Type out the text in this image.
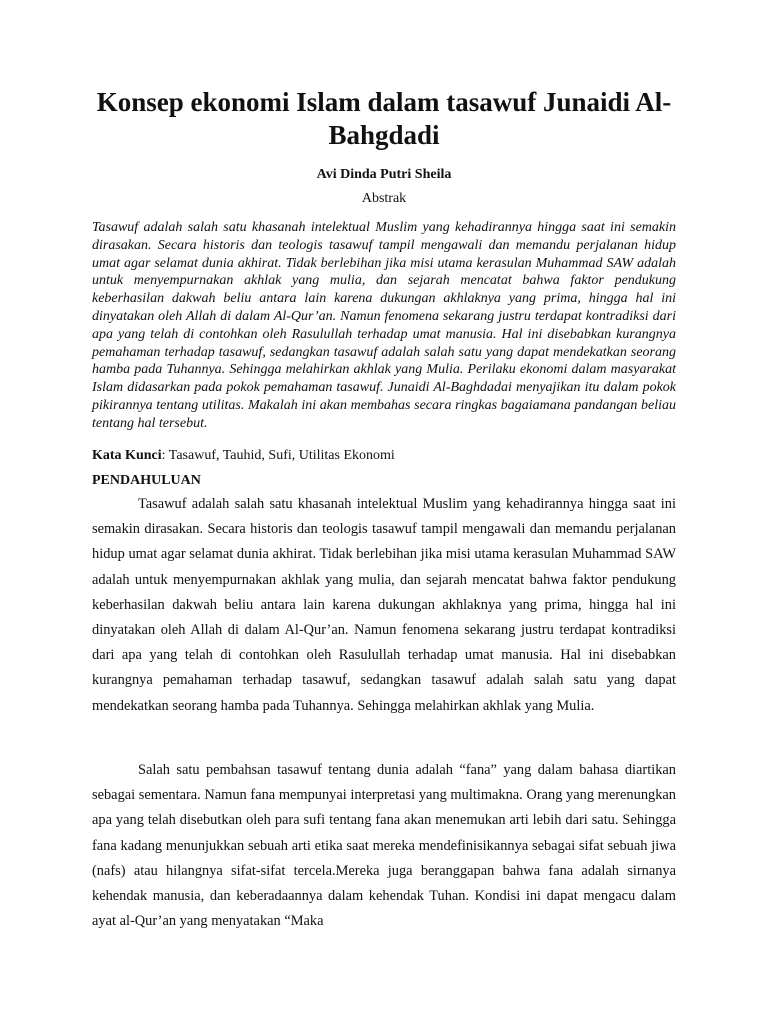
Konsep ekonomi Islam dalam tasawuf Junaidi Al-Bahgdadi
Avi Dinda Putri Sheila
Abstrak

Tasawuf adalah salah satu khasanah intelektual Muslim yang kehadirannya hingga saat ini semakin dirasakan. Secara historis dan teologis tasawuf tampil mengawali dan memandu perjalanan hidup umat agar selamat dunia akhirat. Tidak berlebihan jika misi utama kerasulan Muhammad SAW adalah untuk menyempurnakan akhlak yang mulia, dan sejarah mencatat bahwa faktor pendukung keberhasilan dakwah beliu antara lain karena dukungan akhlaknya yang prima, hingga hal ini dinyatakan oleh Allah di dalam Al-Qur’an. Namun fenomena sekarang justru terdapat kontradiksi dari apa yang telah di contohkan oleh Rasulullah terhadap umat manusia. Hal ini disebabkan kurangnya pemahaman terhadap tasawuf, sedangkan tasawuf adalah salah satu yang dapat mendekatkan seorang hamba pada Tuhannya. Sehingga melahirkan akhlak yang Mulia. Perilaku ekonomi dalam masyarakat Islam didasarkan pada pokok pemahaman tasawuf. Junaidi Al-Baghdadai menyajikan itu dalam pokok pikirannya tentang utilitas. Makalah ini akan membahas secara ringkas bagaiamana pandangan beliau tentang hal tersebut.

Kata Kunci: Tasawuf, Tauhid, Sufi, Utilitas Ekonomi
PENDAHULUAN

Tasawuf adalah salah satu khasanah intelektual Muslim yang kehadirannya hingga saat ini semakin dirasakan. Secara historis dan teologis tasawuf tampil mengawali dan memandu perjalanan hidup umat agar selamat dunia akhirat. Tidak berlebihan jika misi utama kerasulan Muhammad SAW adalah untuk menyempurnakan akhlak yang mulia, dan sejarah mencatat bahwa faktor pendukung keberhasilan dakwah beliu antara lain karena dukungan akhlaknya yang prima, hingga hal ini dinyatakan oleh Allah di dalam Al-Qur’an. Namun fenomena sekarang justru terdapat kontradiksi dari apa yang telah di contohkan oleh Rasulullah terhadap umat manusia. Hal ini disebabkan kurangnya pemahaman terhadap tasawuf, sedangkan tasawuf adalah salah satu yang dapat mendekatkan seorang hamba pada Tuhannya. Sehingga melahirkan akhlak yang Mulia.

Salah satu pembahsan tasawuf tentang dunia adalah “fana” yang dalam bahasa diartikan sebagai sementara. Namun fana mempunyai interpretasi yang multimakna. Orang yang merenungkan apa yang telah disebutkan oleh para sufi tentang fana akan menemukan arti lebih dari satu. Sehingga fana kadang menunjukkan sebuah arti etika saat mereka mendefinisikannya sebagai sifat sebuah jiwa (nafs) atau hilangnya sifat-sifat tercela.Mereka juga beranggapan bahwa fana adalah sirnanya kehendak manusia, dan keberadaannya dalam kehendak Tuhan. Kondisi ini dapat mengacu dalam ayat al-Qur’an yang menyatakan “Maka
